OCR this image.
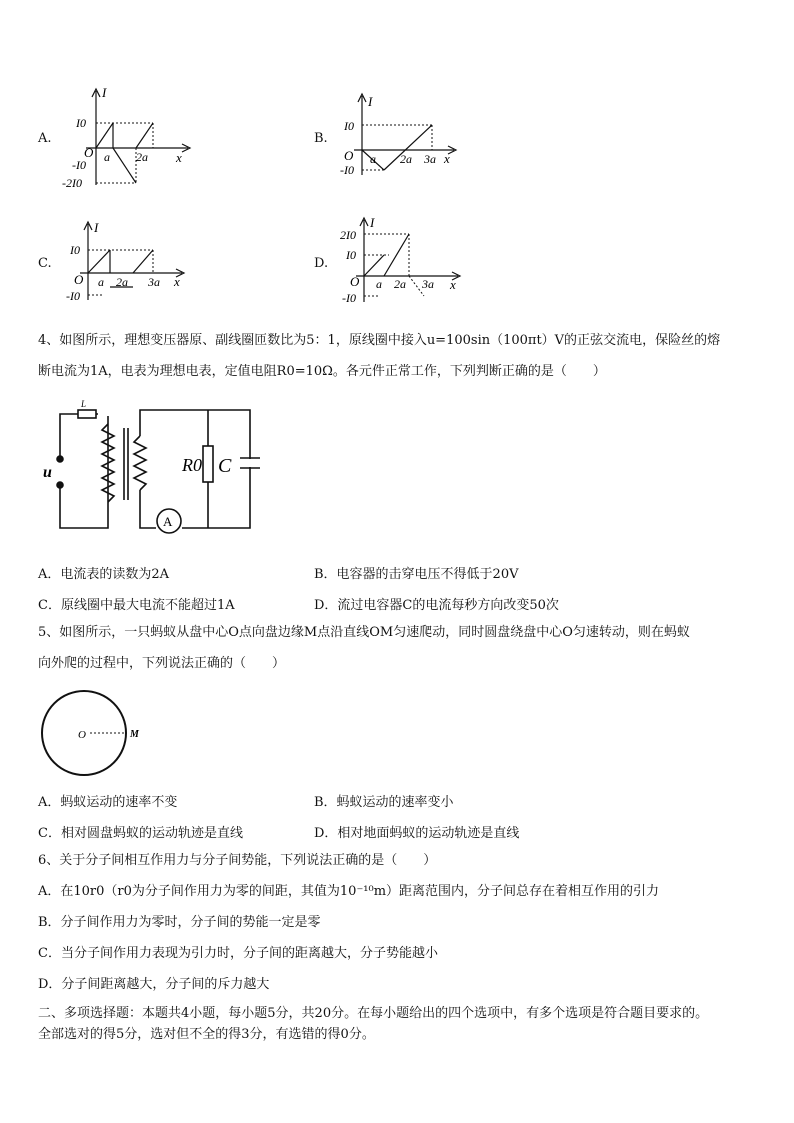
A.
I
x
O
I0
-I0
-2I0
a 2a
B.
I
x
O
I0
-I0
a 2a 3a
C.
I
x
O
I0
-I0
a 2a 3a
D.
I
x
O
2I0
I0
-I0
a 2a 3a
4、如图所示，理想变压器原、副线圈匝数比为5：1，原线圈中接入u=100sin（100πt）V的正弦交流电，保险丝的熔
断电流为1A，电表为理想电表，定值电阻R0=10Ω。各元件正常工作，下列判断正确的是（　　）
L
u	R0 C
A
A．电流表的读数为2A	B．电容器的击穿电压不得低于20V
C．原线圈中最大电流不能超过1A	D．流过电容器C的电流每秒方向改变50次
5、如图所示，一只蚂蚁从盘中心O点向盘边缘M点沿直线OM匀速爬动，同时圆盘绕盘中心O匀速转动，则在蚂蚁
向外爬的过程中，下列说法正确的（　　）
O	M
A．蚂蚁运动的速率不变	B．蚂蚁运动的速率变小
C．相对圆盘蚂蚁的运动轨迹是直线	D．相对地面蚂蚁的运动轨迹是直线
6、关于分子间相互作用力与分子间势能，下列说法正确的是（　　）
A．在10r0（r0为分子间作用力为零的间距，其值为10⁻¹⁰m）距离范围内，分子间总存在着相互作用的引力
B．分子间作用力为零时，分子间的势能一定是零
C．当分子间作用力表现为引力时，分子间的距离越大，分子势能越小
D．分子间距离越大，分子间的斥力越大
二、多项选择题：本题共4小题，每小题5分，共20分。在每小题给出的四个选项中，有多个选项是符合题目要求的。
全部选对的得5分，选对但不全的得3分，有选错的得0分。
